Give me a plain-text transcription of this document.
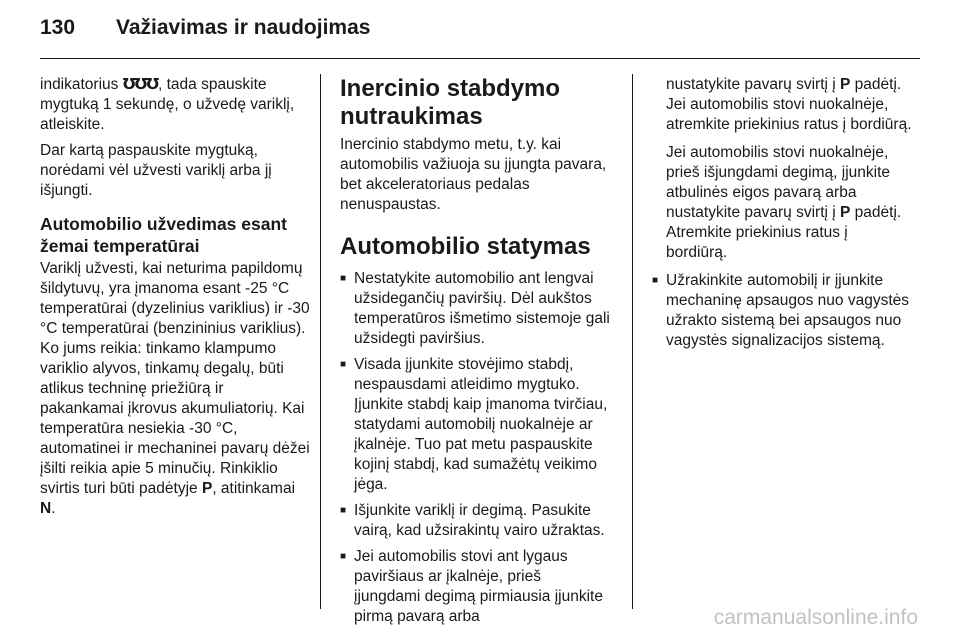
130 Važiavimas ir naudojimas

indikatorius ℧℧℧, tada spauskite mygtuką 1 sekundę, o užvedę variklį, atleiskite.

Dar kartą paspauskite mygtuką, norėdami vėl užvesti variklį arba jį išjungti.

Automobilio užvedimas esant žemai temperatūrai

Variklį užvesti, kai neturima papildomų šildytuvų, yra įmanoma esant -25 °C temperatūrai (dyzelinius variklius) ir -30 °C temperatūrai (benzininius variklius). Ko jums reikia: tinkamo klampumo variklio alyvos, tinkamų degalų, būti atlikus techninę priežiūrą ir pakankamai įkrovus akumuliatorių. Kai temperatūra nesiekia -30 °C, automatinei ir mechaninei pavarų dėžei įšilti reikia apie 5 minučių. Rinkiklio svirtis turi būti padėtyje P, atitinkamai N.

Inercinio stabdymo nutraukimas

Inercinio stabdymo metu, t.y. kai automobilis važiuoja su įjungta pavara, bet akceleratoriaus pedalas nenuspaustas.

Automobilio statymas
■ Nestatykite automobilio ant lengvai užsidegančių paviršių. Dėl aukštos temperatūros išmetimo sistemoje gali užsidegti paviršius.
■ Visada įjunkite stovėjimo stabdį, nespausdami atleidimo mygtuko. Įjunkite stabdį kaip įmanoma tvirčiau, statydami automobilį nuokalnėje ar įkalnėje. Tuo pat metu paspauskite kojinį stabdį, kad sumažėtų veikimo jėga.
■ Išjunkite variklį ir degimą. Pasukite vairą, kad užsirakintų vairo užraktas.
■ Jei automobilis stovi ant lygaus paviršiaus ar įkalnėje, prieš įjungdami degimą pirmiausia įjunkite pirmą pavarą arba

nustatykite pavarų svirtį į P padėtį. Jei automobilis stovi nuokalnėje, atremkite priekinius ratus į bordiūrą.

Jei automobilis stovi nuokalnėje, prieš išjungdami degimą, įjunkite atbulinės eigos pavarą arba nustatykite pavarų svirtį į P padėtį. Atremkite priekinius ratus į bordiūrą.

■ Užrakinkite automobilį ir įjunkite mechaninę apsaugos nuo vagystės užrakto sistemą bei apsaugos nuo vagystės signalizacijos sistemą.
carmanualsonline.info
